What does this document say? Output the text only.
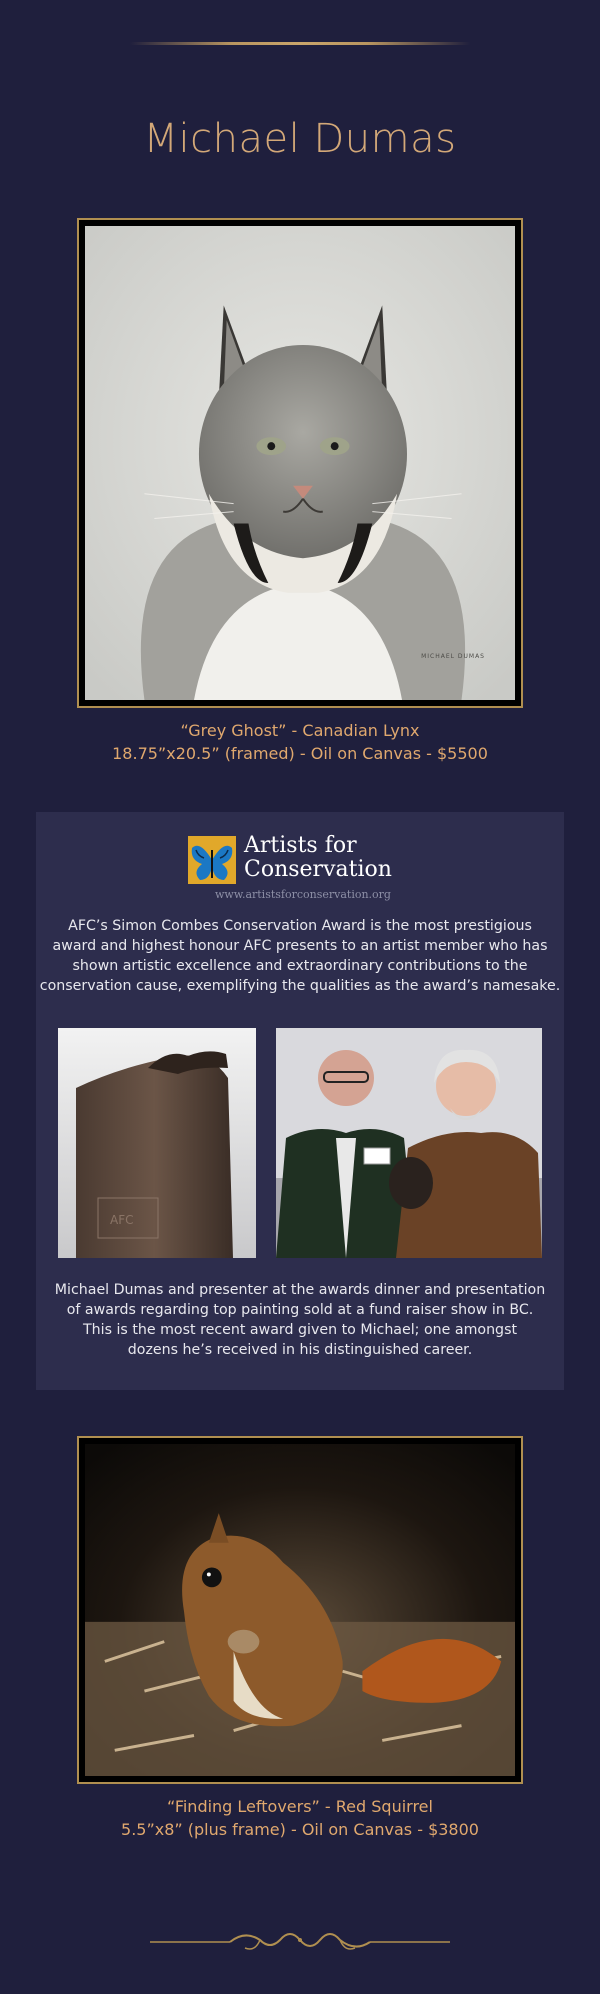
Michael Dumas
MICHAEL DUMAS
“Grey Ghost” - Canadian Lynx
18.75”x20.5” (framed) - Oil on Canvas - $5500
Artists for
Conservation
www.artistsforconservation.org
AFC’s Simon Combes Conservation Award is the most prestigious
award and highest honour AFC presents to an artist member who has
shown artistic excellence and extraordinary contributions to the
conservation cause, exemplifying the qualities as the award’s namesake.
AFC
Michael Dumas and presenter at the awards dinner and presentation
of awards regarding top painting sold at a fund raiser show in BC.
This is the most recent award given to Michael; one amongst
dozens he’s received in his distinguished career.
“Finding Leftovers” - Red Squirrel
5.5”x8” (plus frame) - Oil on Canvas - $3800
